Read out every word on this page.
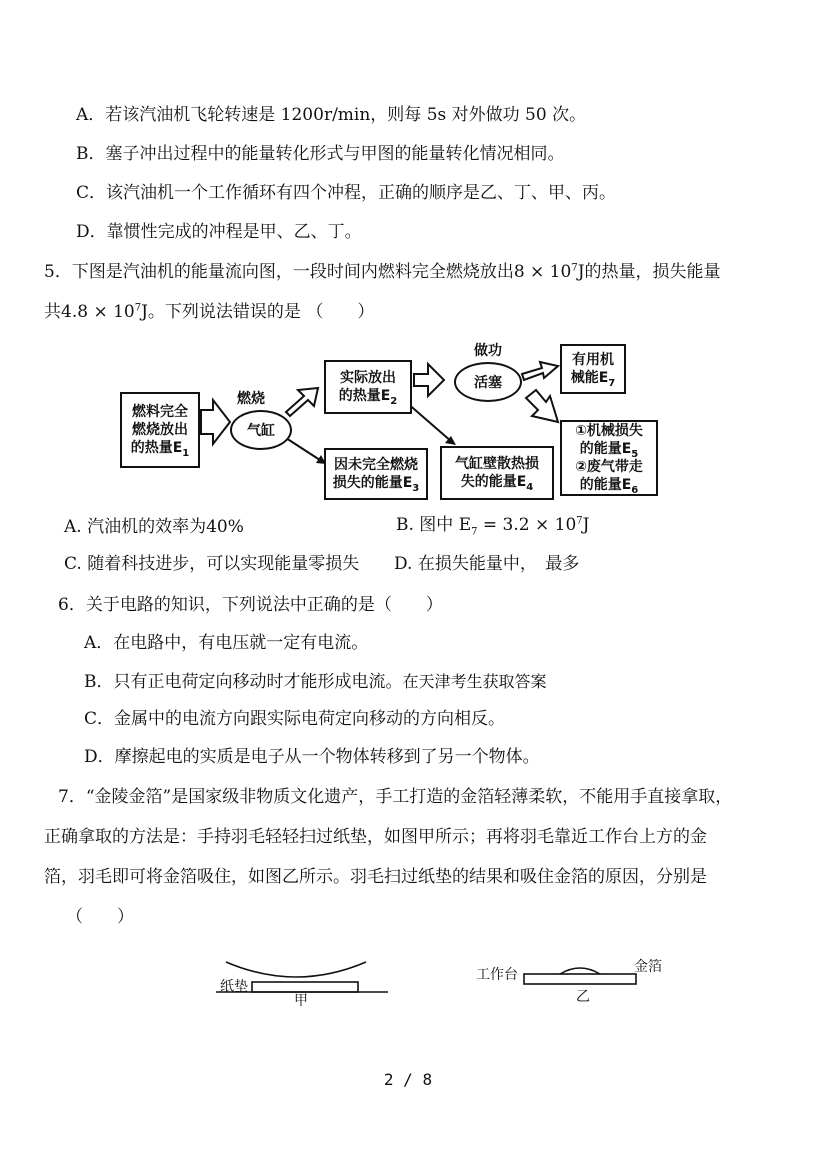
A．若该汽油机飞轮转速是 1200r/min，则每 5s 对外做功 50 次。
B．塞子冲出过程中的能量转化形式与甲图的能量转化情况相同。
C．该汽油机一个工作循环有四个冲程，正确的顺序是乙、丁、甲、丙。
D．靠惯性完成的冲程是甲、乙、丁。
5．下图是汽油机的能量流向图，一段时间内燃料完全燃烧放出$8 \times 10^7J$的热量，损失能量
共$4.8 \times 10^7J$。下列说法错误的是 （　　）
燃料完全
燃烧放出
的热量$E_1$
燃烧
气缸
实际放出
的热量$E_2$
因未完全燃烧
损失的能量$E_3$
做功
活塞
气缸壁散热损
失的能量$E_4$
有用机
械能$E_7$
①机械损失
的能量$E_5$
②废气带走
的能量$E_6$
A. 汽油机的效率为40%	B. 图中 $E_7 = 3.2 \times 10^7J$
C. 随着科技进步，可以实现能量零损失 D. 在损失能量中，　最多
6．关于电路的知识，下列说法中正确的是（　　）
A．在电路中，有电压就一定有电流。
B．只有正电荷定向移动时才能形成电流。在天津考生获取答案
C．金属中的电流方向跟实际电荷定向移动的方向相反。
D．摩擦起电的实质是电子从一个物体转移到了另一个物体。
7．“金陵金箔”是国家级非物质文化遗产，手工打造的金箔轻薄柔软，不能用手直接拿取，
正确拿取的方法是：手持羽毛轻轻扫过纸垫，如图甲所示；再将羽毛靠近工作台上方的金
箔，羽毛即可将金箔吸住，如图乙所示。羽毛扫过纸垫的结果和吸住金箔的原因，分别是
（　　）
纸垫
甲
工作台	金箔
乙
2 / 8
